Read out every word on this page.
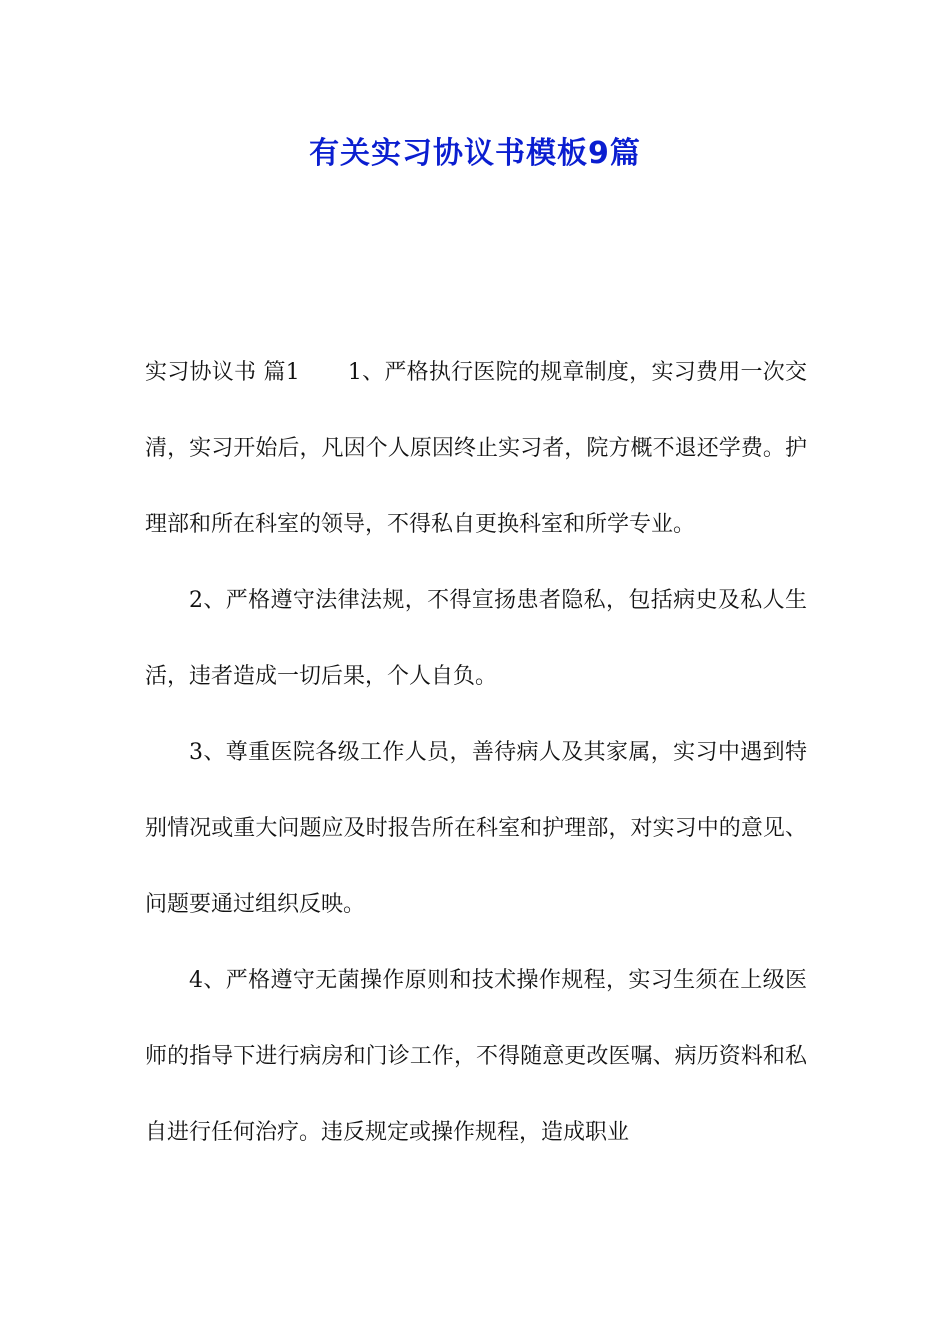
有关实习协议书模板9篇

实习协议书 篇1 1、严格执行医院的规章制度，实习费用一次交清，实习开始后，凡因个人原因终止实习者，院方概不退还学费。护理部和所在科室的领导，不得私自更换科室和所学专业。

2、严格遵守法律法规，不得宣扬患者隐私，包括病史及私人生活，违者造成一切后果，个人自负。

3、尊重医院各级工作人员，善待病人及其家属，实习中遇到特别情况或重大问题应及时报告所在科室和护理部，对实习中的意见、问题要通过组织反映。

4、严格遵守无菌操作原则和技术操作规程，实习生须在上级医师的指导下进行病房和门诊工作，不得随意更改医嘱、病历资料和私自进行任何治疗。违反规定或操作规程，造成职业
